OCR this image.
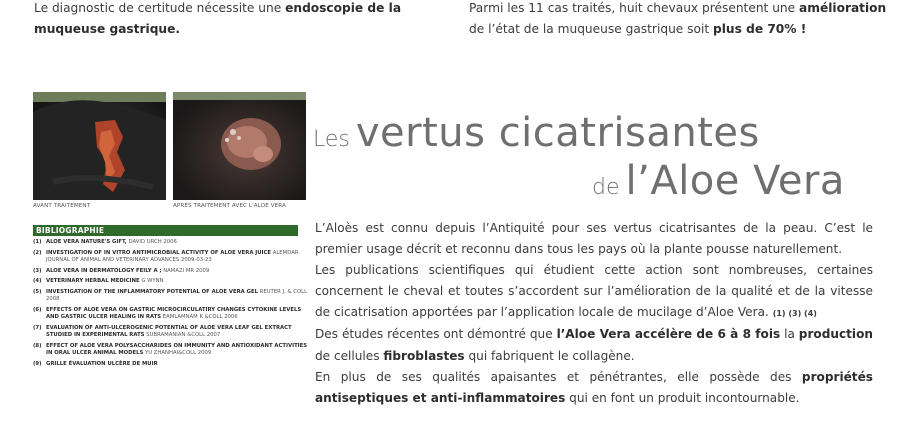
Le diagnostic de certitude nécessite une endoscopie de la muqueuse gastrique.
Parmi les 11 cas traités, huit chevaux présentent une amélioration de l’état de la muqueuse gastrique soit plus de 70% !
AVANT TRAITEMENT	APRÈS TRAITEMENT AVEC L'ALOE VERA
BIBLIOGRAPHIE
(1) ALOE VERA NATURE'S GIFT, DAVID URCH 2006
(2) INVESTIGATION OF IN VITRO ANTIMICROBIAL ACTIVITY OF ALOE VERA JUICE ALEMDAR JOURNAL OF ANIMAL AND VETERINARY ADVANCES 2009-03-23
(3) ALOE VERA IN DERMATOLOGY FEILY A ; NAMAZI MR 2009
(4) VETERINARY HERBAL MEDICINE G WYNN
(5) INVESTIGATION OF THE INFLAMMATORY POTENTIAL OF ALOE VERA GEL REUTER J. & COLL 2008
(6) EFFECTS OF ALOE VERA ON GASTRIC MICROCIRCULATIRY CHANGES CYTOKINE LEVELS AND GASTRIC ULCER HEALING IN RATS EAMLAMNAM K &COLL 2006
(7) EVALUATION OF ANTI-ULCEROGENIC POTENTIAL OF ALOE VERA LEAF GEL EXTRACT STUDIED IN EXPERIMENTAL RATS SUBRAMANIAN &COLL 2007
(8) EFFECT OF ALOE VERA POLYSACCHARIDES ON IMMUNITY AND ANTIOXIDANT ACTIVITIES IN ORAL ULCER ANIMAL MODELS YU ZHANHAI&COLL 2009
(9) GRILLE ÉVALUATION ULCÈRE DE MUIR
Les vertus cicatrisantes
de l’Aloe Vera

L’Aloès est connu depuis l’Antiquité pour ses vertus cicatrisantes de la peau. C’est le premier usage décrit et reconnu dans tous les pays où la plante pousse naturellement.

Les publications scientifiques qui étudient cette action sont nombreuses, certaines concernent le cheval et toutes s’accordent sur l’amélioration de la qualité et de la vitesse de cicatrisation apportées par l’application locale de mucilage d’Aloe Vera. (1) (3) (4)

Des études récentes ont démontré que l’Aloe Vera accélère de 6 à 8 fois la production de cellules fibroblastes qui fabriquent le collagène.

En plus de ses qualités apaisantes et pénétrantes, elle possède des propriétés antiseptiques et anti-inflammatoires qui en font un produit incontournable.
